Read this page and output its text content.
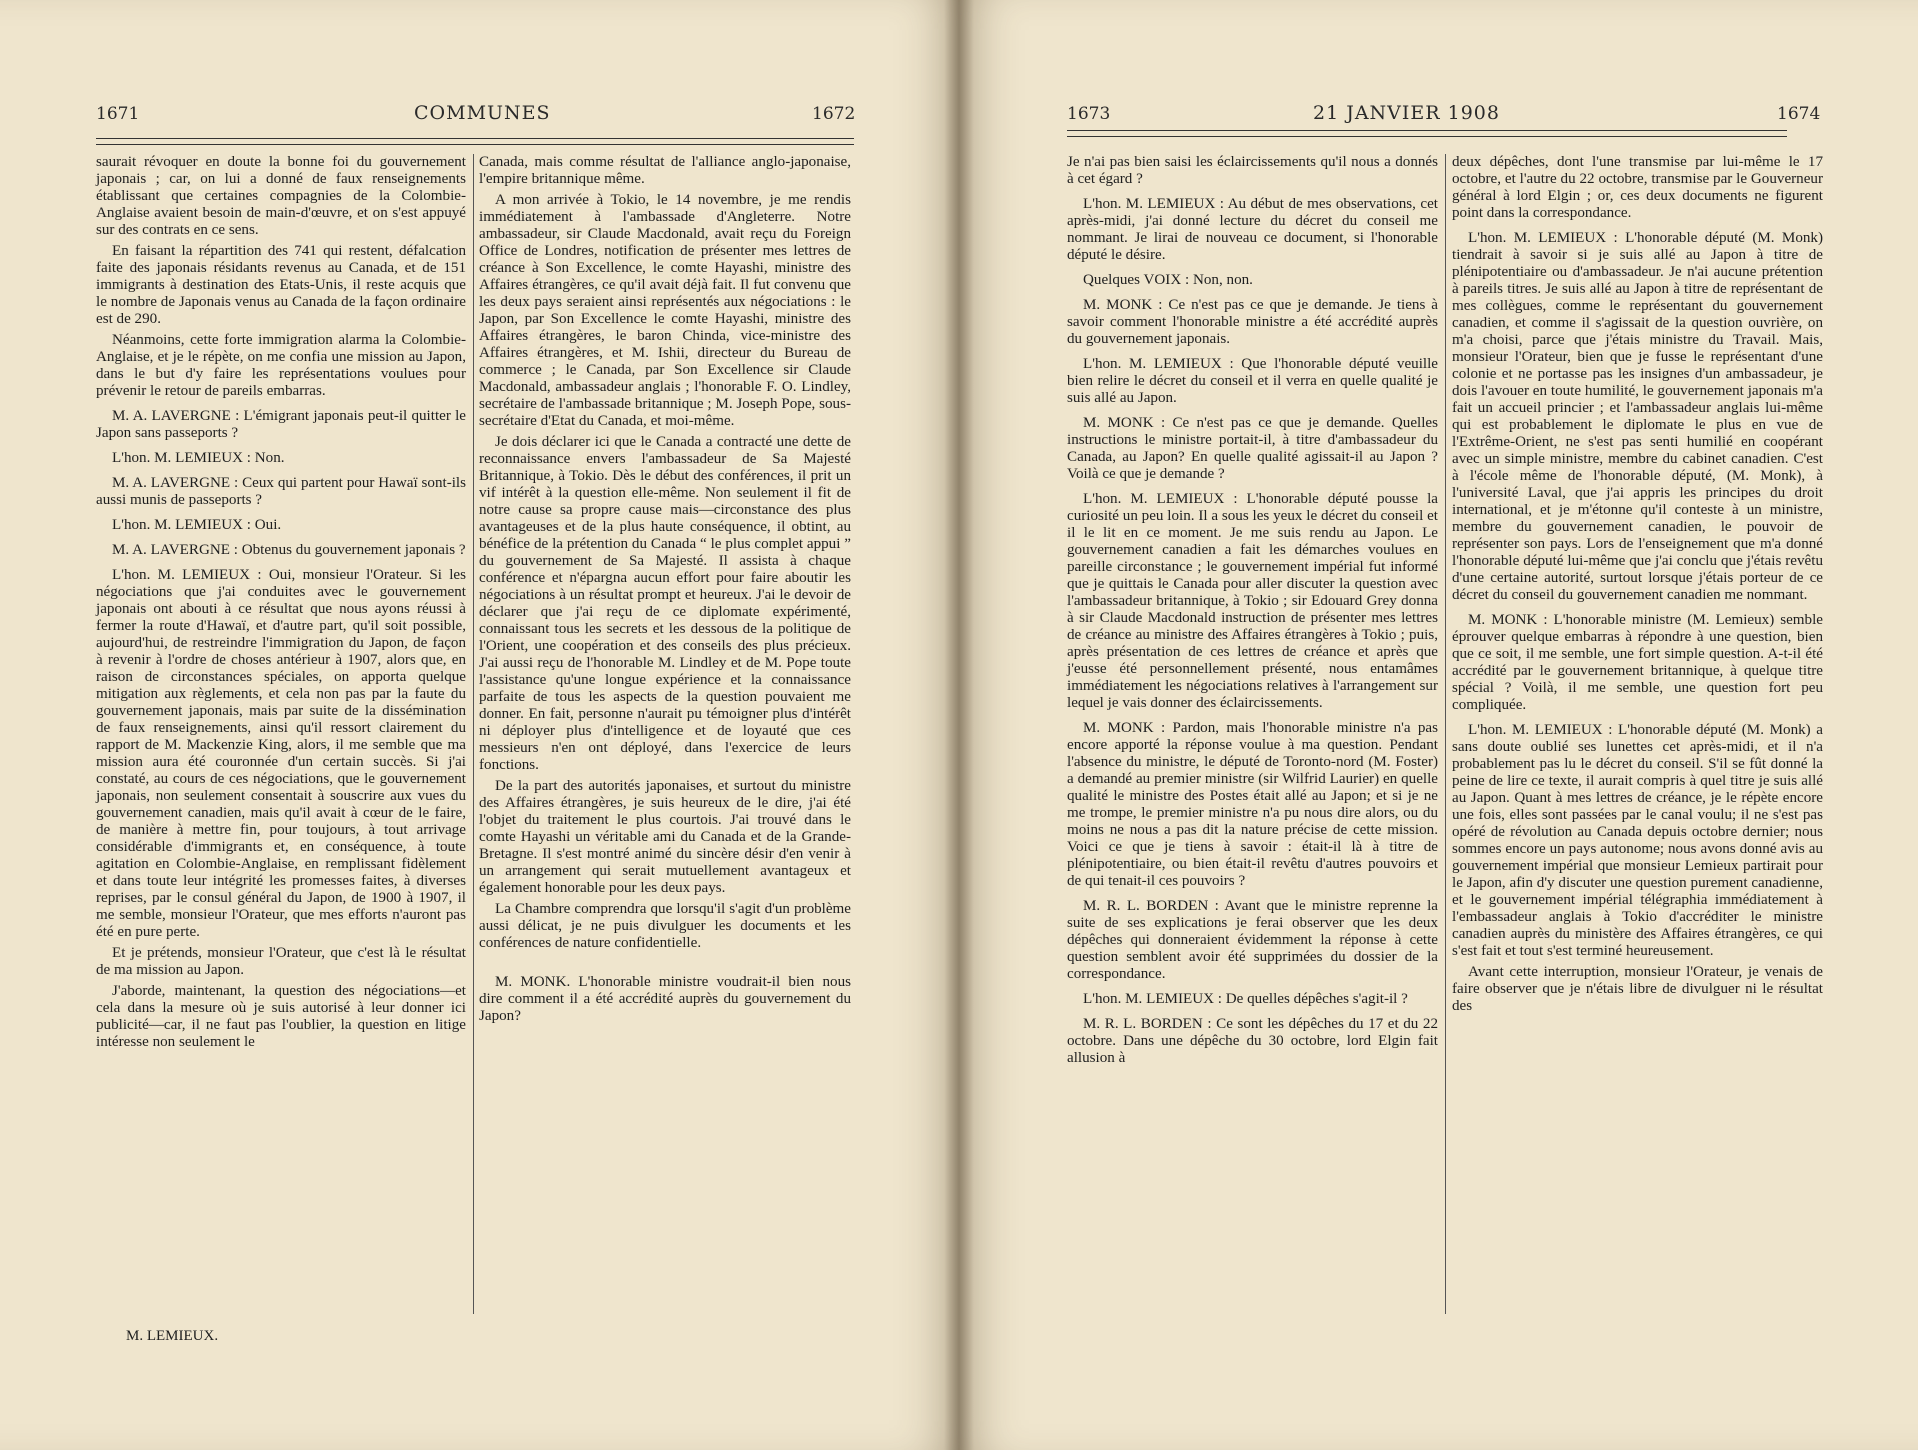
1671	COMMUNES	1672

saurait révoquer en doute la bonne foi du gouvernement japonais ; car, on lui a donné de faux renseignements établissant que certaines compagnies de la Colombie-Anglaise avaient besoin de main-d'œuvre, et on s'est appuyé sur des contrats en ce sens.

En faisant la répartition des 741 qui restent, défalcation faite des japonais résidants revenus au Canada, et de 151 immigrants à destination des Etats-Unis, il reste acquis que le nombre de Japonais venus au Canada de la façon ordinaire est de 290.

Néanmoins, cette forte immigration alarma la Colombie-Anglaise, et je le répète, on me confia une mission au Japon, dans le but d'y faire les représentations voulues pour prévenir le retour de pareils embarras.

M. A. LAVERGNE : L'émigrant japonais peut-il quitter le Japon sans passeports ?

L'hon. M. LEMIEUX : Non.

M. A. LAVERGNE : Ceux qui partent pour Hawaï sont-ils aussi munis de passeports ?

L'hon. M. LEMIEUX : Oui.

M. A. LAVERGNE : Obtenus du gouvernement japonais ?

L'hon. M. LEMIEUX : Oui, monsieur l'Orateur. Si les négociations que j'ai conduites avec le gouvernement japonais ont abouti à ce résultat que nous ayons réussi à fermer la route d'Hawaï, et d'autre part, qu'il soit possible, aujourd'hui, de restreindre l'immigration du Japon, de façon à revenir à l'ordre de choses antérieur à 1907, alors que, en raison de circonstances spéciales, on apporta quelque mitigation aux règlements, et cela non pas par la faute du gouvernement japonais, mais par suite de la dissémination de faux renseignements, ainsi qu'il ressort clairement du rapport de M. Mackenzie King, alors, il me semble que ma mission aura été couronnée d'un certain succès. Si j'ai constaté, au cours de ces négociations, que le gouvernement japonais, non seulement consentait à souscrire aux vues du gouvernement canadien, mais qu'il avait à cœur de le faire, de manière à mettre fin, pour toujours, à tout arrivage considérable d'immigrants et, en conséquence, à toute agitation en Colombie-Anglaise, en remplissant fidèlement et dans toute leur intégrité les promesses faites, à diverses reprises, par le consul général du Japon, de 1900 à 1907, il me semble, monsieur l'Orateur, que mes efforts n'auront pas été en pure perte.

Et je prétends, monsieur l'Orateur, que c'est là le résultat de ma mission au Japon.

J'aborde, maintenant, la question des négociations—et cela dans la mesure où je suis autorisé à leur donner ici publicité—car, il ne faut pas l'oublier, la question en litige intéresse non seulement le

Canada, mais comme résultat de l'alliance anglo-japonaise, l'empire britannique même.

A mon arrivée à Tokio, le 14 novembre, je me rendis immédiatement à l'ambassade d'Angleterre. Notre ambassadeur, sir Claude Macdonald, avait reçu du Foreign Office de Londres, notification de présenter mes lettres de créance à Son Excellence, le comte Hayashi, ministre des Affaires étrangères, ce qu'il avait déjà fait. Il fut convenu que les deux pays seraient ainsi représentés aux négociations : le Japon, par Son Excellence le comte Hayashi, ministre des Affaires étrangères, le baron Chinda, vice-ministre des Affaires étrangères, et M. Ishii, directeur du Bureau de commerce ; le Canada, par Son Excellence sir Claude Macdonald, ambassadeur anglais ; l'honorable F. O. Lindley, secrétaire de l'ambassade britannique ; M. Joseph Pope, sous-secrétaire d'Etat du Canada, et moi-même.

Je dois déclarer ici que le Canada a contracté une dette de reconnaissance envers l'ambassadeur de Sa Majesté Britannique, à Tokio. Dès le début des conférences, il prit un vif intérêt à la question elle-même. Non seulement il fit de notre cause sa propre cause mais—circonstance des plus avantageuses et de la plus haute conséquence, il obtint, au bénéfice de la prétention du Canada “ le plus complet appui ” du gouvernement de Sa Majesté. Il assista à chaque conférence et n'épargna aucun effort pour faire aboutir les négociations à un résultat prompt et heureux. J'ai le devoir de déclarer que j'ai reçu de ce diplomate expérimenté, connaissant tous les secrets et les dessous de la politique de l'Orient, une coopération et des conseils des plus précieux. J'ai aussi reçu de l'honorable M. Lindley et de M. Pope toute l'assistance qu'une longue expérience et la connaissance parfaite de tous les aspects de la question pouvaient me donner. En fait, personne n'aurait pu témoigner plus d'intérêt ni déployer plus d'intelligence et de loyauté que ces messieurs n'en ont déployé, dans l'exercice de leurs fonctions.

De la part des autorités japonaises, et surtout du ministre des Affaires étrangères, je suis heureux de le dire, j'ai été l'objet du traitement le plus courtois. J'ai trouvé dans le comte Hayashi un véritable ami du Canada et de la Grande-Bretagne. Il s'est montré animé du sincère désir d'en venir à un arrangement qui serait mutuellement avantageux et également honorable pour les deux pays.

La Chambre comprendra que lorsqu'il s'agit d'un problème aussi délicat, je ne puis divulguer les documents et les conférences de nature confidentielle.

M. MONK. L'honorable ministre voudrait-il bien nous dire comment il a été accrédité auprès du gouvernement du Japon?

M. LEMIEUX.
1673	21 JANVIER 1908	1674

Je n'ai pas bien saisi les éclaircissements qu'il nous a donnés à cet égard ?

L'hon. M. LEMIEUX : Au début de mes observations, cet après-midi, j'ai donné lecture du décret du conseil me nommant. Je lirai de nouveau ce document, si l'honorable député le désire.

Quelques VOIX : Non, non.

M. MONK : Ce n'est pas ce que je demande. Je tiens à savoir comment l'honorable ministre a été accrédité auprès du gouvernement japonais.

L'hon. M. LEMIEUX : Que l'honorable député veuille bien relire le décret du conseil et il verra en quelle qualité je suis allé au Japon.

M. MONK : Ce n'est pas ce que je demande. Quelles instructions le ministre portait-il, à titre d'ambassadeur du Canada, au Japon? En quelle qualité agissait-il au Japon ? Voilà ce que je demande ?

L'hon. M. LEMIEUX : L'honorable député pousse la curiosité un peu loin. Il a sous les yeux le décret du conseil et il le lit en ce moment. Je me suis rendu au Japon. Le gouvernement canadien a fait les démarches voulues en pareille circonstance ; le gouvernement impérial fut informé que je quittais le Canada pour aller discuter la question avec l'ambassadeur britannique, à Tokio ; sir Edouard Grey donna à sir Claude Macdonald instruction de présenter mes lettres de créance au ministre des Affaires étrangères à Tokio ; puis, après présentation de ces lettres de créance et après que j'eusse été personnellement présenté, nous entamâmes immédiatement les négociations relatives à l'arrangement sur lequel je vais donner des éclaircissements.

M. MONK : Pardon, mais l'honorable ministre n'a pas encore apporté la réponse voulue à ma question. Pendant l'absence du ministre, le député de Toronto-nord (M. Foster) a demandé au premier ministre (sir Wilfrid Laurier) en quelle qualité le ministre des Postes était allé au Japon; et si je ne me trompe, le premier ministre n'a pu nous dire alors, ou du moins ne nous a pas dit la nature précise de cette mission. Voici ce que je tiens à savoir : était-il là à titre de plénipotentiaire, ou bien était-il revêtu d'autres pouvoirs et de qui tenait-il ces pouvoirs ?

M. R. L. BORDEN : Avant que le ministre reprenne la suite de ses explications je ferai observer que les deux dépêches qui donneraient évidemment la réponse à cette question semblent avoir été supprimées du dossier de la correspondance.

L'hon. M. LEMIEUX : De quelles dépêches s'agit-il ?

M. R. L. BORDEN : Ce sont les dépêches du 17 et du 22 octobre. Dans une dépêche du 30 octobre, lord Elgin fait allusion à

deux dépêches, dont l'une transmise par lui-même le 17 octobre, et l'autre du 22 octobre, transmise par le Gouverneur général à lord Elgin ; or, ces deux documents ne figurent point dans la correspondance.

L'hon. M. LEMIEUX : L'honorable député (M. Monk) tiendrait à savoir si je suis allé au Japon à titre de plénipotentiaire ou d'ambassadeur. Je n'ai aucune prétention à pareils titres. Je suis allé au Japon à titre de représentant de mes collègues, comme le représentant du gouvernement canadien, et comme il s'agissait de la question ouvrière, on m'a choisi, parce que j'étais ministre du Travail. Mais, monsieur l'Orateur, bien que je fusse le représentant d'une colonie et ne portasse pas les insignes d'un ambassadeur, je dois l'avouer en toute humilité, le gouvernement japonais m'a fait un accueil princier ; et l'ambassadeur anglais lui-même qui est probablement le diplomate le plus en vue de l'Extrême-Orient, ne s'est pas senti humilié en coopérant avec un simple ministre, membre du cabinet canadien. C'est à l'école même de l'honorable député, (M. Monk), à l'université Laval, que j'ai appris les principes du droit international, et je m'étonne qu'il conteste à un ministre, membre du gouvernement canadien, le pouvoir de représenter son pays. Lors de l'enseignement que m'a donné l'honorable député lui-même que j'ai conclu que j'étais revêtu d'une certaine autorité, surtout lorsque j'étais porteur de ce décret du conseil du gouvernement canadien me nommant.

M. MONK : L'honorable ministre (M. Lemieux) semble éprouver quelque embarras à répondre à une question, bien que ce soit, il me semble, une fort simple question. A-t-il été accrédité par le gouvernement britannique, à quelque titre spécial ? Voilà, il me semble, une question fort peu compliquée.

L'hon. M. LEMIEUX : L'honorable député (M. Monk) a sans doute oublié ses lunettes cet après-midi, et il n'a probablement pas lu le décret du conseil. S'il se fût donné la peine de lire ce texte, il aurait compris à quel titre je suis allé au Japon. Quant à mes lettres de créance, je le répète encore une fois, elles sont passées par le canal voulu; il ne s'est pas opéré de révolution au Canada depuis octobre dernier; nous sommes encore un pays autonome; nous avons donné avis au gouvernement impérial que monsieur Lemieux partirait pour le Japon, afin d'y discuter une question purement canadienne, et le gouvernement impérial télégraphia immédiatement à l'embassadeur anglais à Tokio d'accréditer le ministre canadien auprès du ministère des Affaires étrangères, ce qui s'est fait et tout s'est terminé heureusement.

Avant cette interruption, monsieur l'Orateur, je venais de faire observer que je n'étais libre de divulguer ni le résultat des
